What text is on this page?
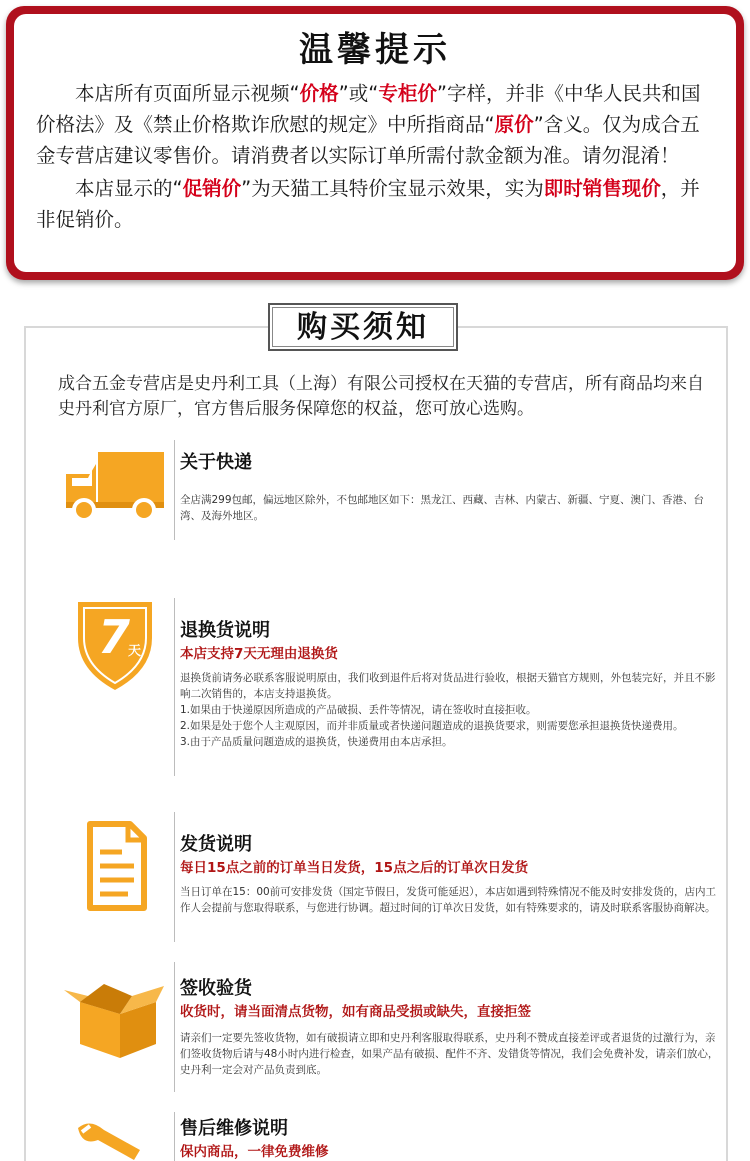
温馨提示

本店所有页面所显示视频“价格”或“专柜价”字样，并非《中华人民共和国价格法》及《禁止价格欺诈欣慰的规定》中所指商品“原价”含义。仅为成合五金专营店建议零售价。请消费者以实际订单所需付款金额为准。请勿混淆！

本店显示的“促销价”为天猫工具特价宝显示效果，实为即时销售现价，并非促销价。

购买须知
成合五金专营店是史丹利工具（上海）有限公司授权在天猫的专营店，所有商品均来自史丹利官方原厂，官方售后服务保障您的权益，您可放心选购。
关于快递

全店满299包邮，偏远地区除外，不包邮地区如下：黑龙江、西藏、吉林、内蒙古、新疆、宁夏、澳门、香港、台湾、及海外地区。

7
天
退换货说明
本店支持7天无理由退换货

退换货前请务必联系客服说明原由，我们收到退件后将对货品进行验收，根据天猫官方规则，外包装完好，并且不影响二次销售的，本店支持退换货。

1.如果由于快递原因所造成的产品破损、丢件等情况，请在签收时直接拒收。

2.如果是处于您个人主观原因，而并非质量或者快递问题造成的退换货要求，则需要您承担退换货快递费用。

3.由于产品质量问题造成的退换货，快递费用由本店承担。

发货说明
每日15点之前的订单当日发货，15点之后的订单次日发货

当日订单在15：00前可安排发货（国定节假日，发货可能延迟），本店如遇到特殊情况不能及时安排发货的，店内工作人会提前与您取得联系，与您进行协调。超过时间的订单次日发货，如有特殊要求的，请及时联系客服协商解决。

签收验货
收货时，请当面清点货物，如有商品受损或缺失，直接拒签

请亲们一定要先签收货物，如有破损请立即和史丹利客服取得联系，史丹利不赞成直接差评或者退货的过激行为，亲们签收货物后请与48小时内进行检查，如果产品有破损、配件不齐、发错货等情况，我们会免费补发，请亲们放心，史丹利一定会对产品负责到底。

售后维修说明
保内商品，一律免费维修
